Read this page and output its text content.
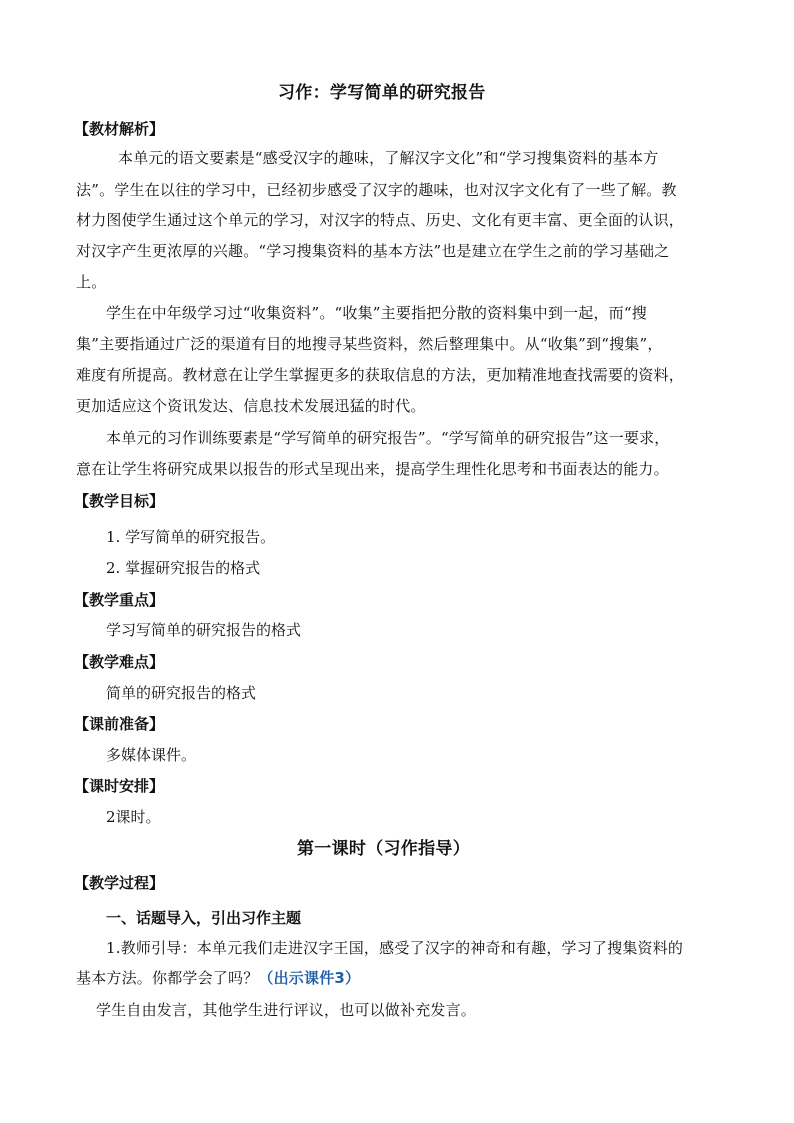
习作：学写简单的研究报告
【教材解析】
本单元的语文要素是“感受汉字的趣味，了解汉字文化”和“学习搜集资料的基本方
法”。学生在以往的学习中，已经初步感受了汉字的趣味，也对汉字文化有了一些了解。教
材力图使学生通过这个单元的学习，对汉字的特点、历史、文化有更丰富、更全面的认识，
对汉字产生更浓厚的兴趣。“学习搜集资料的基本方法”也是建立在学生之前的学习基础之
上。
学生在中年级学习过“收集资料”。“收集”主要指把分散的资料集中到一起，而“搜
集”主要指通过广泛的渠道有目的地搜寻某些资料，然后整理集中。从“收集”到“搜集”，
难度有所提高。教材意在让学生掌握更多的获取信息的方法，更加精准地查找需要的资料，
更加适应这个资讯发达、信息技术发展迅猛的时代。
本单元的习作训练要素是“学写简单的研究报告”。“学写简单的研究报告”这一要求，
意在让学生将研究成果以报告的形式呈现出来，提高学生理性化思考和书面表达的能力。
【教学目标】
1. 学写简单的研究报告。
2. 掌握研究报告的格式
【教学重点】
学习写简单的研究报告的格式
【教学难点】
简单的研究报告的格式
【课前准备】
多媒体课件。
【课时安排】
2课时。
第一课时（习作指导）
【教学过程】
一、话题导入，引出习作主题
1.教师引导：本单元我们走进汉字王国，感受了汉字的神奇和有趣，学习了搜集资料的
基本方法。你都学会了吗？（出示课件3）
学生自由发言，其他学生进行评议，也可以做补充发言。
